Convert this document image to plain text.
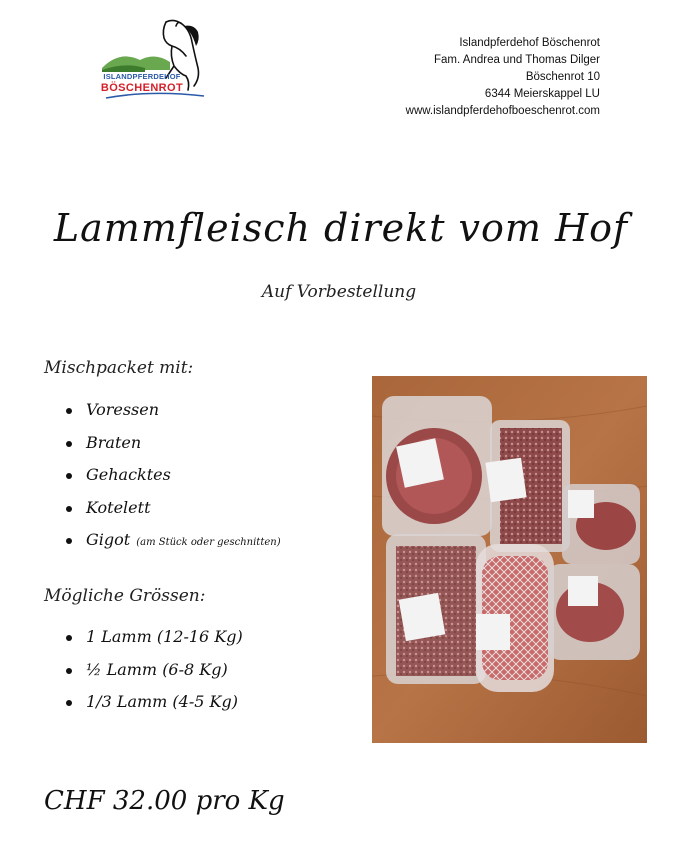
ISLANDPFERDEHOF
BÖSCHENROT
Islandpferdehof Böschenrot
Fam. Andrea und Thomas Dilger
Böschenrot 10
6344 Meierskappel LU
www.islandpferdehofboeschenrot.com
Lammfleisch direkt vom Hof
Auf Vorbestellung
Mischpacket mit:
Voressen
Braten
Gehacktes
Kotelett
Gigot (am Stück oder geschnitten)
Mögliche Grössen:
1 Lamm (12-16 Kg)
½ Lamm (6-8 Kg)
1/3 Lamm (4-5 Kg)
CHF 32.00 pro Kg
